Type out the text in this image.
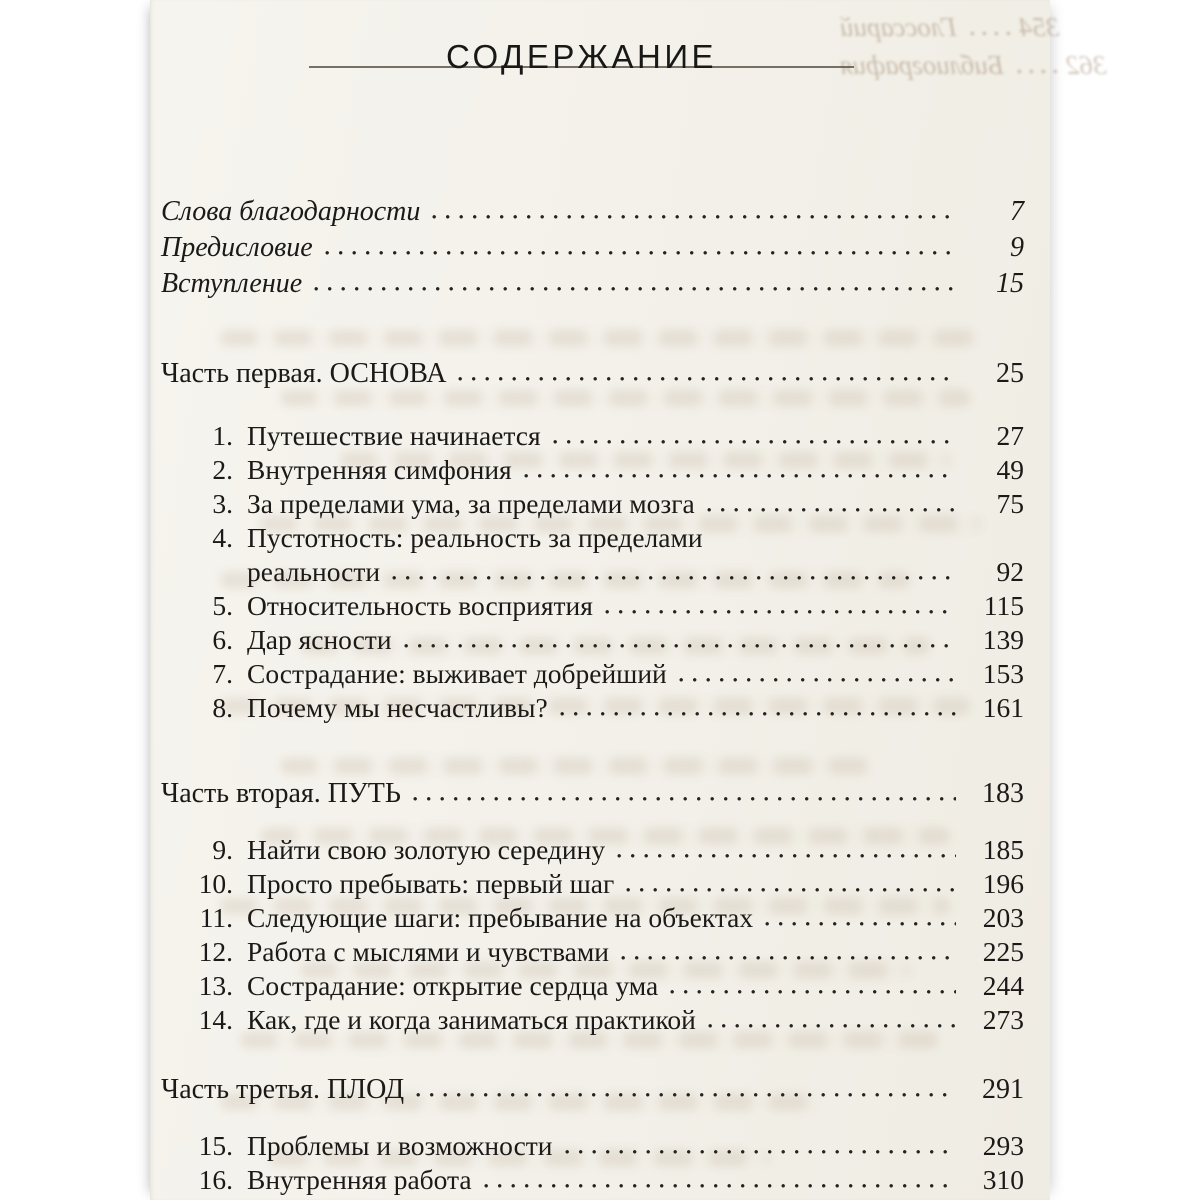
354
Глоссарий
362
Библиография
СОДЕРЖАНИЕ
Слова благодарности	7
Предисловие	9
Вступление	15
Часть первая. ОСНОВА	25
1. Путешествие начинается	27
2. Внутренняя симфония	49
3. За пределами ума, за пределами мозга	75
4. Пустотность: реальность за пределами
реальности	92
5. Относительность восприятия	115
6. Дар ясности	139
7. Сострадание: выживает добрейший	153
8. Почему мы несчастливы?	161
Часть вторая. ПУТЬ	183
9. Найти свою золотую середину	185
10. Просто пребывать: первый шаг	196
11. Следующие шаги: пребывание на объектах	203
12. Работа с мыслями и чувствами	225
13. Сострадание: открытие сердца ума	244
14. Как, где и когда заниматься практикой	273
Часть третья. ПЛОД	291
15. Проблемы и возможности	293
16. Внутренняя работа	310
